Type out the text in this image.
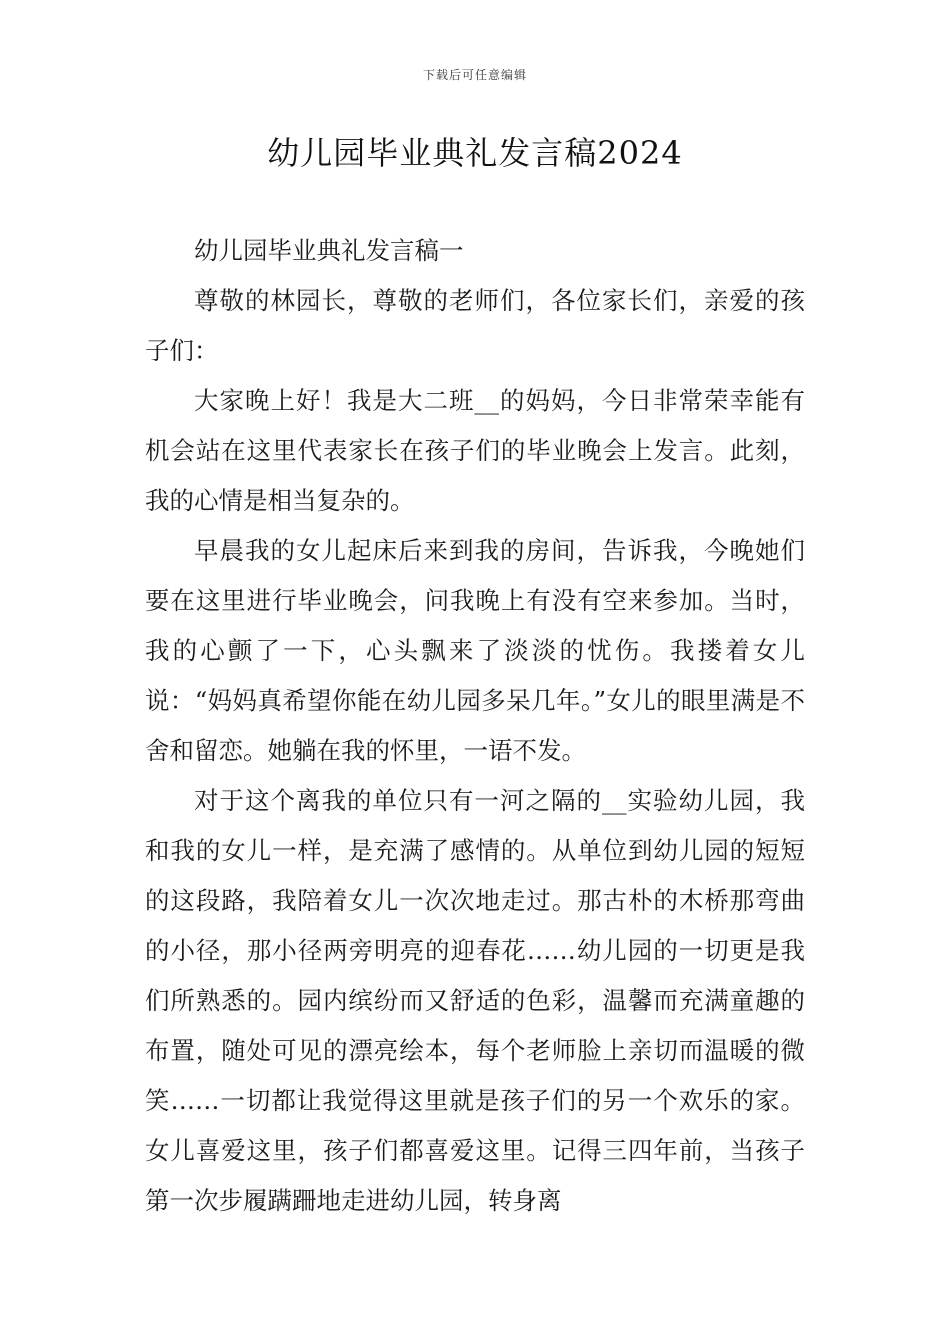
下载后可任意编辑
幼儿园毕业典礼发言稿2024

幼儿园毕业典礼发言稿一

尊敬的林园长，尊敬的老师们，各位家长们，亲爱的孩子们：

大家晚上好！我是大二班__的妈妈，今日非常荣幸能有机会站在这里代表家长在孩子们的毕业晚会上发言。此刻，我的心情是相当复杂的。

早晨我的女儿起床后来到我的房间，告诉我，今晚她们要在这里进行毕业晚会，问我晚上有没有空来参加。当时，我的心颤了一下，心头飘来了淡淡的忧伤。我搂着女儿说：“妈妈真希望你能在幼儿园多呆几年。”女儿的眼里满是不舍和留恋。她躺在我的怀里，一语不发。

对于这个离我的单位只有一河之隔的__实验幼儿园，我和我的女儿一样，是充满了感情的。从单位到幼儿园的短短的这段路，我陪着女儿一次次地走过。那古朴的木桥那弯曲的小径，那小径两旁明亮的迎春花……幼儿园的一切更是我们所熟悉的。园内缤纷而又舒适的色彩，温馨而充满童趣的布置，随处可见的漂亮绘本，每个老师脸上亲切而温暖的微笑……一切都让我觉得这里就是孩子们的另一个欢乐的家。女儿喜爱这里，孩子们都喜爱这里。记得三四年前，当孩子第一次步履蹒跚地走进幼儿园，转身离
